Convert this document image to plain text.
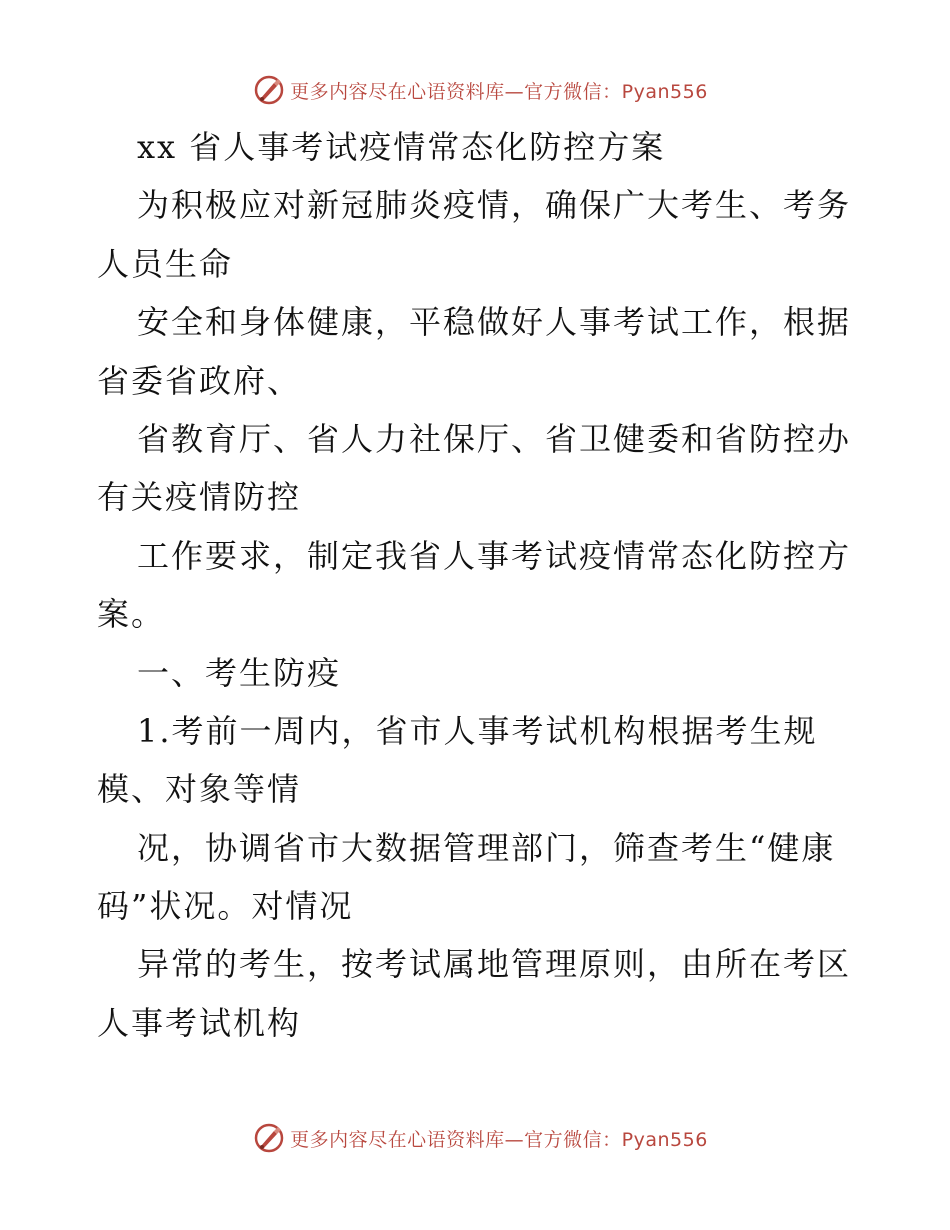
更多内容尽在心语资料库—官方微信：Pyan556
xx 省人事考试疫情常态化防控方案
为积极应对新冠肺炎疫情，确保广大考生、考务
人员生命
安全和身体健康，平稳做好人事考试工作，根据
省委省政府、
省教育厅、省人力社保厅、省卫健委和省防控办
有关疫情防控
工作要求，制定我省人事考试疫情常态化防控方
案。
一、考生防疫
1.考前一周内，省市人事考试机构根据考生规
模、对象等情
况，协调省市大数据管理部门，筛查考生“健康
码”状况。对情况
异常的考生，按考试属地管理原则，由所在考区
人事考试机构
更多内容尽在心语资料库—官方微信：Pyan556
